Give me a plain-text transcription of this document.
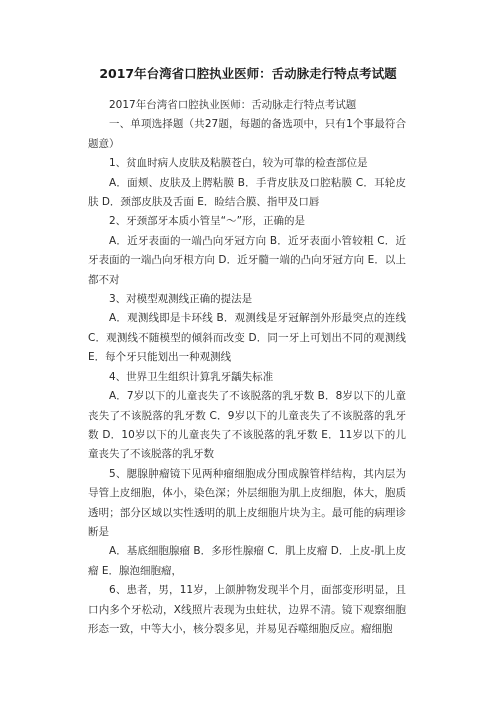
2017年台湾省口腔执业医师：舌动脉走行特点考试题

2017年台湾省口腔执业医师：舌动脉走行特点考试题

一、单项选择题（共27题，每题的备选项中，只有1个事最符合题意）

1、贫血时病人皮肤及粘膜苍白，较为可靠的检查部位是

A．面颊、皮肤及上腭粘膜 B．手背皮肤及口腔粘膜 C．耳轮皮肤 D．颈部皮肤及舌面 E．睑结合膜、指甲及口唇

2、牙颈部牙本质小管呈“～”形，正确的是

A．近牙表面的一端凸向牙冠方向 B．近牙表面小管较粗 C．近牙表面的一端凸向牙根方向 D．近牙髓一端的凸向牙冠方向 E．以上都不对

3、对模型观测线正确的提法是

A．观测线即是卡环线 B．观测线是牙冠解剖外形最突点的连线 C．观测线不随模型的倾斜而改变 D．同一牙上可划出不同的观测线 E．每个牙只能划出一种观测线

4、世界卫生组织计算乳牙龋失标准

A．7岁以下的儿童丧失了不该脱落的乳牙数 B．8岁以下的儿童丧失了不该脱落的乳牙数 C．9岁以下的儿童丧失了不该脱落的乳牙数 D．10岁以下的儿童丧失了不该脱落的乳牙数 E．11岁以下的儿童丧失了不该脱落的乳牙数

5、腮腺肿瘤镜下见两种瘤细胞成分围成腺管样结构，其内层为导管上皮细胞，体小，染色深；外层细胞为肌上皮细胞，体大，胞质透明；部分区域以实性透明的肌上皮细胞片块为主。最可能的病理诊断是

A．基底细胞腺瘤 B．多形性腺瘤 C．肌上皮瘤 D．上皮-肌上皮瘤 E．腺泡细胞瘤，

6、患者，男，11岁，上颌肿物发现半个月，面部变形明显，且口内多个牙松动，X线照片表现为虫蛀状，边界不清。镜下观察细胞形态一致，中等大小，核分裂多见，并易见吞噬细胞反应。瘤细胞
